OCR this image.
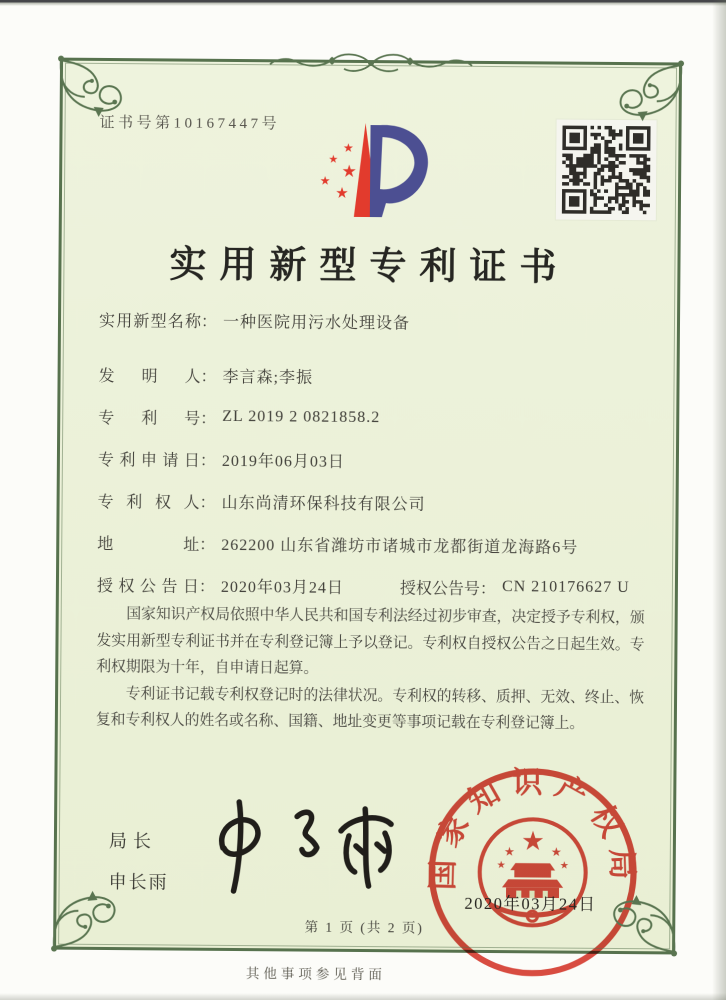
证书号第10167447号
★
★
★
★
★
实用新型专利证书
实用新型名称 ： 一种医院用污水处理设备
发明人 ： 李言森;李振
专利号 ： ZL 2019 2 0821858.2
专利申请日 ： 2019年06月03日
专利权人 ： 山东尚清环保科技有限公司
地址 ： 262200 山东省潍坊市诸城市龙都街道龙海路6号
授权公告日 ： 2020年03月24日	授权公告号 ： CN 210176627 U

国家知识产权局依照中华人民共和国专利法经过初步审查，决定授予专利权，颁发实用新型专利证书并在专利登记簿上予以登记。专利权自授权公告之日起生效。专利权期限为十年，自申请日起算。

专利证书记载专利权登记时的法律状况。专利权的转移、质押、无效、终止、恢复和专利权人的姓名或名称、国籍、地址变更等事项记载在专利登记簿上。

局长
申长雨	国家知识产权局
★
★	★
★	★
2020年03月24日
第 1 页 (共 2 页)
其他事项参见背面
